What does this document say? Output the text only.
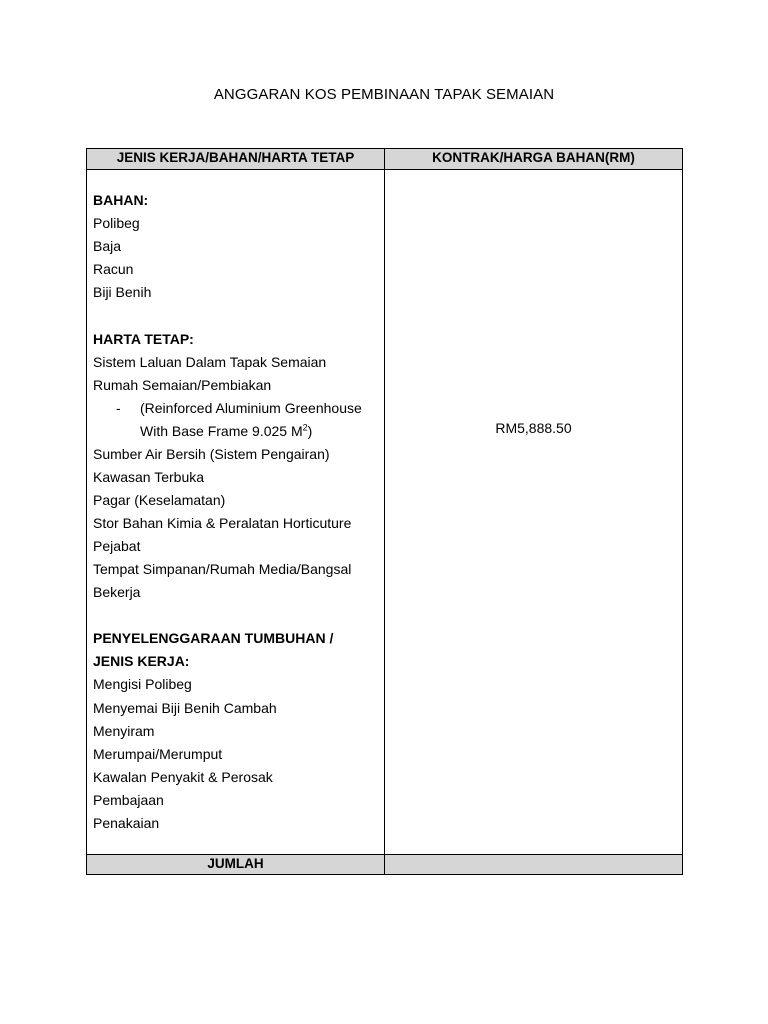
ANGGARAN KOS PEMBINAAN TAPAK SEMAIAN
JENIS KERJA/BAHAN/HARTA TETAP	KONTRAK/HARGA BAHAN(RM)
BAHAN:
Polibeg
Baja
Racun
Biji Benih
HARTA TETAP:
Sistem Laluan Dalam Tapak Semaian
Rumah Semaian/Pembiakan
- (Reinforced Aluminium Greenhouse
With Base Frame 9.025 $M^2$)
Sumber Air Bersih (Sistem Pengairan)
Kawasan Terbuka
Pagar (Keselamatan)
Stor Bahan Kimia & Peralatan Horticuture
Pejabat
Tempat Simpanan/Rumah Media/Bangsal
Bekerja
PENYELENGGARAAN TUMBUHAN /
JENIS KERJA:
Mengisi Polibeg
Menyemai Biji Benih Cambah
Menyiram
Merumpai/Merumput
Kawalan Penyakit & Perosak
Pembajaan
Penakaian
RM5,888.50
JUMLAH
